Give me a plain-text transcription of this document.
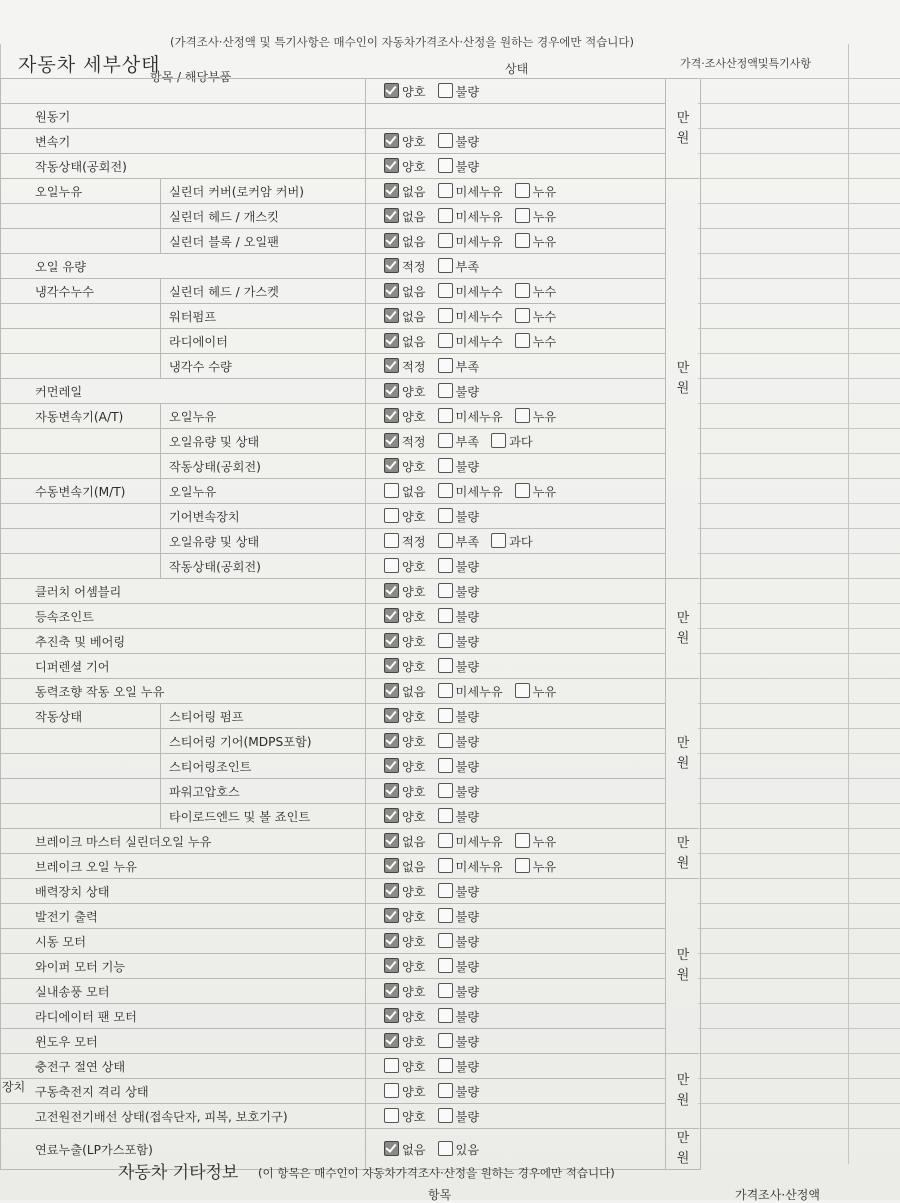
자동차 세부상태
(가격조사·산정액 및 특기사항은 매수인이 자동차가격조사·산정을 원하는 경우에만 적습니다)
항목 / 해당부품
상태	가격·조사산정액및특기사항
		양호 불량	만
원

원동기			
변속기		양호 불량	
작동상태(공회전)		양호 불량	
오일누유	실린더 커버(로커암 커버)	없음 미세누유 누유	만
원

	실린더 헤드 / 개스킷	없음 미세누유 누유	
	실린더 블록 / 오일팬	없음 미세누유 누유	
오일 유량		적정 부족	
냉각수누수	실린더 헤드 / 가스켓	없음 미세누수 누수	
	워터펌프	없음 미세누수 누수	
	라디에이터	없음 미세누수 누수	
	냉각수 수량	적정 부족	
커먼레일		양호 불량	
자동변속기(A/T)	오일누유	양호 미세누유 누유	
	오일유량 및 상태	적정 부족 과다	
	작동상태(공회전)	양호 불량	
수동변속기(M/T)	오일누유	없음 미세누유 누유	
	기어변속장치	양호 불량	
	오일유량 및 상태	적정 부족 과다	
	작동상태(공회전)	양호 불량	
클러치 어셈블리		양호 불량	만
원

등속조인트		양호 불량	
추진축 및 베어링		양호 불량	
디퍼렌셜 기어		양호 불량	
동력조향 작동 오일 누유		없음 미세누유 누유	만
원

작동상태	스티어링 펌프	양호 불량	
	스티어링 기어(MDPS포함)	양호 불량	
	스티어링조인트	양호 불량	
	파워고압호스	양호 불량	
	타이로드엔드 및 볼 죠인트	양호 불량	
브레이크 마스터 실린더오일 누유		없음 미세누유 누유	만
원

브레이크 오일 누유		없음 미세누유 누유	
배력장치 상태		양호 불량	만
원

발전기 출력		양호 불량	
시동 모터		양호 불량	
와이퍼 모터 기능		양호 불량	
실내송풍 모터		양호 불량	
라디에이터 팬 모터		양호 불량	
윈도우 모터		양호 불량	
충전구 절연 상태		양호 불량	만
원

구동축전지 격리 상태		양호 불량	
고전원전기배선 상태(접속단자, 피복, 보호기구)		양호 불량	
연료누출(LP가스포함)		없음 있음	만
원
장치
자동차 기타정보 (이 항목은 매수인이 자동차가격조사·산정을 원하는 경우에만 적습니다)
항목	가격조사·산정액
